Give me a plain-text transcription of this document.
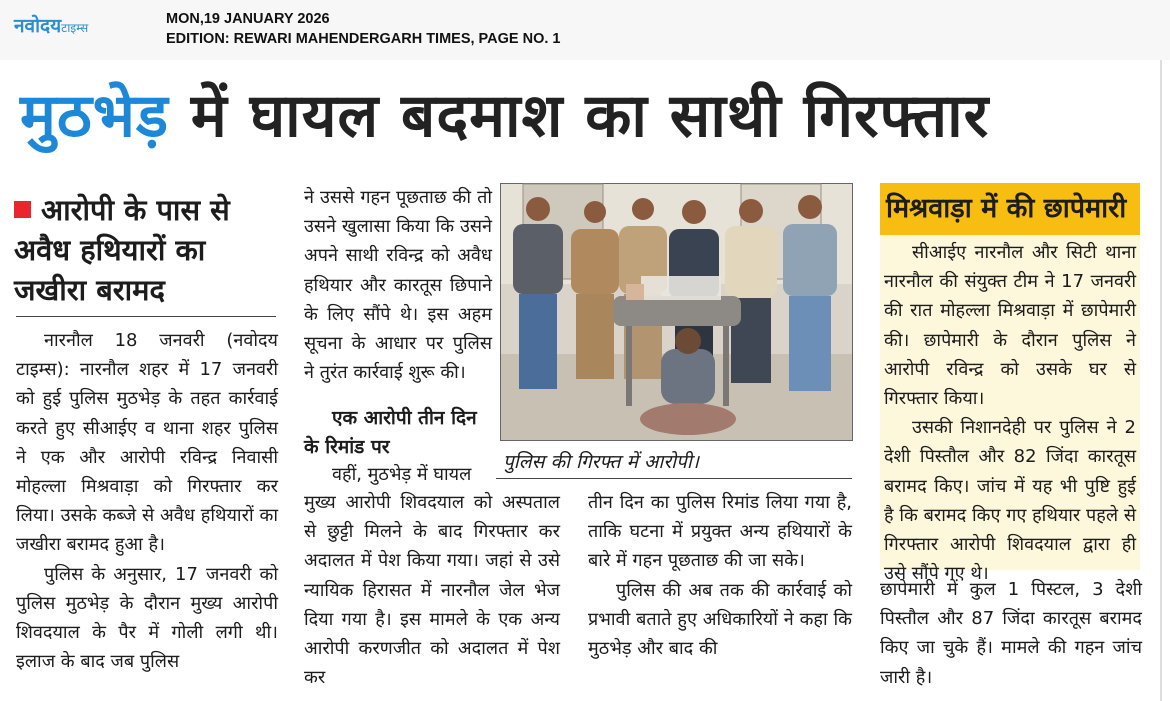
नवोदयटाइम्स
MON,19 JANUARY 2026
EDITION: REWARI MAHENDERGARH TIMES, PAGE NO. 1
मुठभेड़ में घायल बदमाश का साथी गिरफ्तार
आरोपी के पास से अवैध हथियारों का जखीरा बरामद

नारनौल 18 जनवरी (नवोदय टाइम्स): नारनौल शहर में 17 जनवरी को हुई पुलिस मुठभेड़ के तहत कार्रवाई करते हुए सीआईए व थाना शहर पुलिस ने एक और आरोपी रविन्द्र निवासी मोहल्ला मिश्रवाड़ा को गिरफ्तार कर लिया। उसके कब्जे से अवैध हथियारों का जखीरा बरामद हुआ है।

पुलिस के अनुसार, 17 जनवरी को पुलिस मुठभेड़ के दौरान मुख्य आरोपी शिवदयाल के पैर में गोली लगी थी। इलाज के बाद जब पुलिस

ने उससे गहन पूछताछ की तो उसने खुलासा किया कि उसने अपने साथी रविन्द्र को अवैध हथियार और कारतूस छिपाने के लिए सौंपे थे। इस अहम सूचना के आधार पर पुलिस ने तुरंत कार्रवाई शुरू की।

एक आरोपी तीन दिन के रिमांड पर

वहीं, मुठभेड़ में घायल

पुलिस की गिरफ्त में आरोपी।

मुख्य आरोपी शिवदयाल को अस्पताल से छुट्टी मिलने के बाद गिरफ्तार कर अदालत में पेश किया गया। जहां से उसे न्यायिक हिरासत में नारनौल जेल भेज दिया गया है। इस मामले के एक अन्य आरोपी करणजीत को अदालत में पेश कर

तीन दिन का पुलिस रिमांड लिया गया है, ताकि घटना में प्रयुक्त अन्य हथियारों के बारे में गहन पूछताछ की जा सके।

पुलिस की अब तक की कार्रवाई को प्रभावी बताते हुए अधिकारियों ने कहा कि मुठभेड़ और बाद की

मिश्रवाड़ा में की छापेमारी

सीआईए नारनौल और सिटी थाना नारनौल की संयुक्त टीम ने 17 जनवरी की रात मोहल्ला मिश्रवाड़ा में छापेमारी की। छापेमारी के दौरान पुलिस ने आरोपी रविन्द्र को उसके घर से गिरफ्तार किया।

उसकी निशानदेही पर पुलिस ने 2 देशी पिस्तौल और 82 जिंदा कारतूस बरामद किए। जांच में यह भी पुष्टि हुई है कि बरामद किए गए हथियार पहले से गिरफ्तार आरोपी शिवदयाल द्वारा ही उसे सौंपे गए थे।

छापेमारी में कुल 1 पिस्टल, 3 देशी पिस्तौल और 87 जिंदा कारतूस बरामद किए जा चुके हैं। मामले की गहन जांच जारी है।
